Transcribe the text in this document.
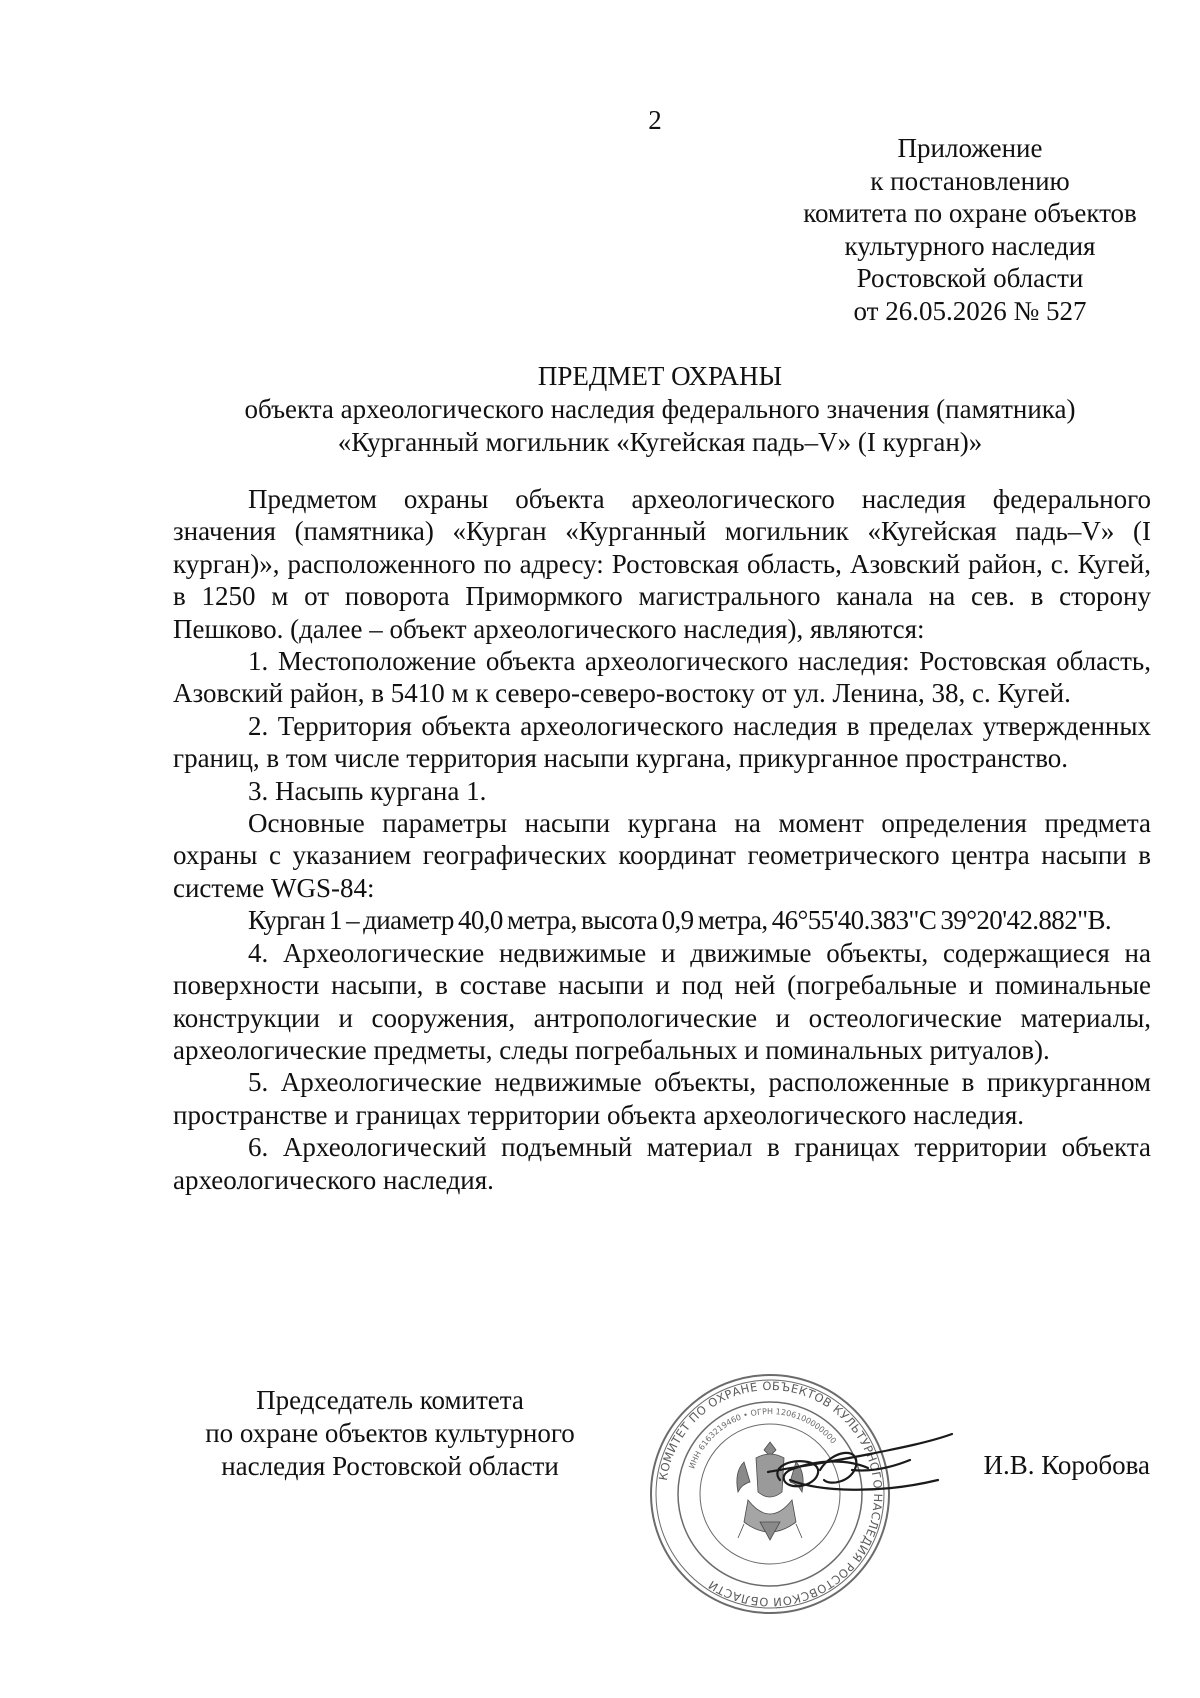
2
Приложение
к постановлению
комитета по охране объектов
культурного наследия
Ростовской области
от 26.05.2026 № 527
ПРЕДМЕТ ОХРАНЫ
объекта археологического наследия федерального значения (памятника)
«Курганный могильник «Кугейская падь–V» (I курган)»

Предметом охраны объекта археологического наследия федерального значения (памятника) «Курган «Курганный могильник «Кугейская падь–V» (I курган)», расположенного по адресу: Ростовская область, Азовский район, с. Кугей, в 1250 м от поворота Примормкого магистрального канала на сев. в сторону Пешково. (далее – объект археологического наследия), являются:

1. Местоположение объекта археологического наследия: Ростовская область, Азовский район, в 5410 м к северо-северо-востоку от ул. Ленина, 38, с. Кугей.

2. Территория объекта археологического наследия в пределах утвержденных границ, в том числе территория насыпи кургана, прикурганное пространство.

3. Насыпь кургана 1.

Основные параметры насыпи кургана на момент определения предмета охраны с указанием географических координат геометрического центра насыпи в системе WGS-84:

Курган 1 – диаметр 40,0 метра, высота 0,9 метра, 46°55'40.383"С 39°20'42.882"В.

4. Археологические недвижимые и движимые объекты, содержащиеся на поверхности насыпи, в составе насыпи и под ней (погребальные и поминальные конструкции и сооружения, антропологические и остеологические материалы, археологические предметы, следы погребальных и поминальных ритуалов).

5. Археологические недвижимые объекты, расположенные в прикурганном пространстве и границах территории объекта археологического наследия.

6. Археологический подъемный материал в границах территории объекта археологического наследия.

Председатель комитета
по охране объектов культурного
наследия Ростовской области	КОМИТЕТ ПО ОХРАНЕ ОБЪЕКТОВ КУЛЬТУРНОГО НАСЛЕДИЯ РОСТОВСКОЙ ОБЛАСТИ
ИНН 6163219460 • ОГРН 1206100000000
И.В. Коробова
